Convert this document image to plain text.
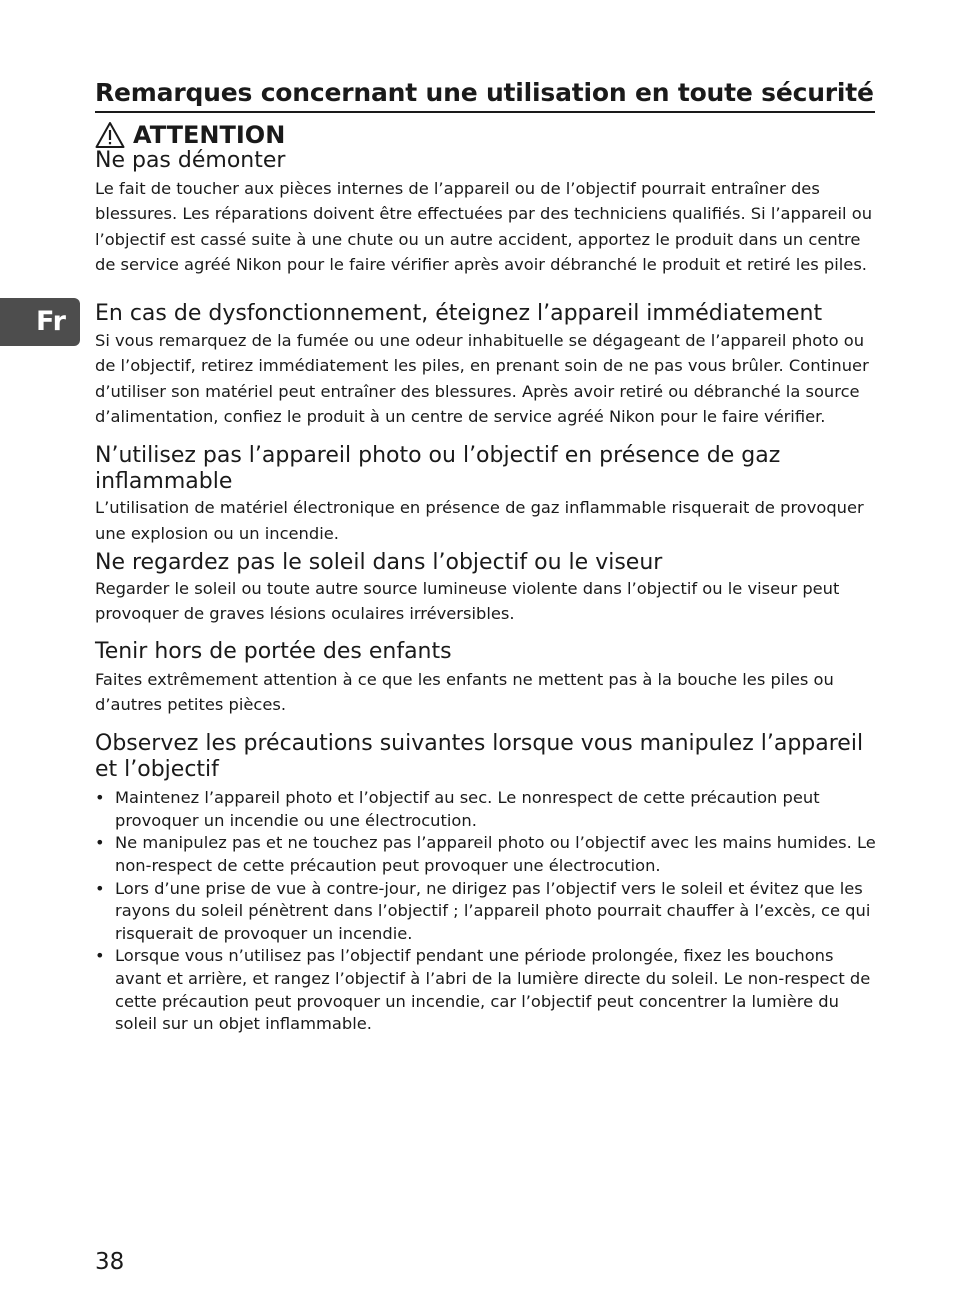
Remarques concernant une utilisation en toute sécurité
Fr
ATTENTION
Ne pas démonter

Le fait de toucher aux pièces internes de l’appareil ou de l’objectif pourrait entraîner des blessures. Les réparations doivent être effectuées par des techniciens qualifiés. Si l’appareil ou l’objectif est cassé suite à une chute ou un autre accident, apportez le produit dans un centre de service agréé Nikon pour le faire vérifier après avoir débranché le produit et retiré les piles.

En cas de dysfonctionnement, éteignez l’appareil immédiatement

Si vous remarquez de la fumée ou une odeur inhabituelle se dégageant de l’appareil photo ou de l’objectif, retirez immédiatement les piles, en prenant soin de ne pas vous brûler. Continuer d’utiliser son matériel peut entraîner des blessures. Après avoir retiré ou débranché la source d’alimentation, confiez le produit à un centre de service agréé Nikon pour le faire vérifier.

N’utilisez pas l’appareil photo ou l’objectif en présence de gaz inflammable

L’utilisation de matériel électronique en présence de gaz inflammable risquerait de provoquer une explosion ou un incendie.

Ne regardez pas le soleil dans l’objectif ou le viseur

Regarder le soleil ou toute autre source lumineuse violente dans l’objectif ou le viseur peut provoquer de graves lésions oculaires irréversibles.

Tenir hors de portée des enfants

Faites extrêmement attention à ce que les enfants ne mettent pas à la bouche les piles ou d’autres petites pièces.

Observez les précautions suivantes lorsque vous manipulez l’appareil et l’objectif
• Maintenez l’appareil photo et l’objectif au sec. Le nonrespect de cette précaution peut provoquer un incendie ou une électrocution.
• Ne manipulez pas et ne touchez pas l’appareil photo ou l’objectif avec les mains humides. Le non-respect de cette précaution peut provoquer une électrocution.
• Lors d’une prise de vue à contre-jour, ne dirigez pas l’objectif vers le soleil et évitez que les rayons du soleil pénètrent dans l’objectif ; l’appareil photo pourrait chauffer à l’excès, ce qui risquerait de provoquer un incendie.
• Lorsque vous n’utilisez pas l’objectif pendant une période prolongée, fixez les bouchons avant et arrière, et rangez l’objectif à l’abri de la lumière directe du soleil. Le non-respect de cette précaution peut provoquer un incendie, car l’objectif peut concentrer la lumière du soleil sur un objet inflammable.
38
